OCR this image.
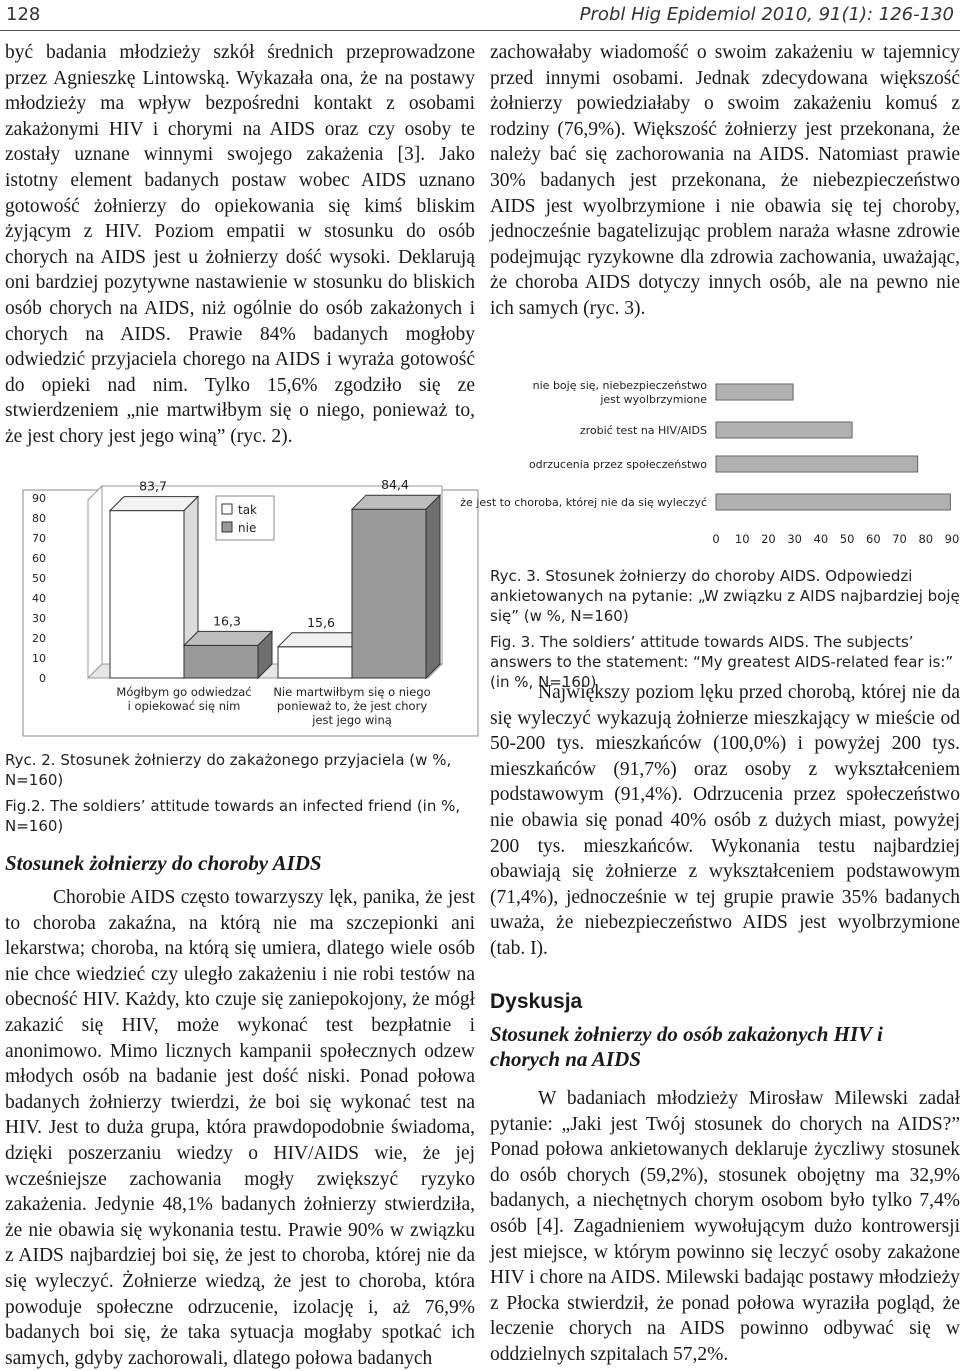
128	Probl Hig Epidemiol 2010, 91(1): 126-130

być badania młodzieży szkół średnich przeprowadzone przez Agnieszkę Lintowską. Wykazała ona, że na postawy młodzieży ma wpływ bezpośredni kontakt z osobami zakażonymi HIV i chorymi na AIDS oraz czy osoby te zostały uznane winnymi swojego zakażenia [3]. Jako istotny element badanych postaw wobec AIDS uznano gotowość żołnierzy do opiekowania się kimś bliskim żyjącym z HIV. Poziom empatii w stosunku do osób chorych na AIDS jest u żołnierzy dość wysoki. Deklarują oni bardziej pozytywne nastawienie w stosunku do bliskich osób chorych na AIDS, niż ogólnie do osób zakażonych i chorych na AIDS. Prawie 84% badanych mogłoby odwiedzić przyjaciela chorego na AIDS i wyraża gotowość do opieki nad nim. Tylko 15,6% zgodziło się ze stwierdzeniem „nie martwiłbym się o niego, ponieważ to, że jest chory jest jego winą” (ryc. 2).

0
10
20
30
40
50
60
70
80
90
83,7
16,3	15,6
84,4
tak
nie
Mógłbym go odwiedzać
i opiekować się nim
Nie martwiłbym się o niego
ponieważ to, że jest chory
jest jego winą

Ryc. 2. Stosunek żołnierzy do zakażonego przyjaciela (w %, N=160)

Fig.2. The soldiers’ attitude towards an infected friend (in %, N=160)

Stosunek żołnierzy do choroby AIDS

Chorobie AIDS często towarzyszy lęk, panika, że jest to choroba zakaźna, na którą nie ma szczepionki ani lekarstwa; choroba, na którą się umiera, dlatego wiele osób nie chce wiedzieć czy uległo zakażeniu i nie robi testów na obecność HIV. Każdy, kto czuje się zaniepokojony, że mógł zakazić się HIV, może wykonać test bezpłatnie i anonimowo. Mimo licznych kampanii społecznych odzew młodych osób na badanie jest dość niski. Ponad połowa badanych żołnierzy twierdzi, że boi się wykonać test na HIV. Jest to duża grupa, która prawdopodobnie świadoma, dzięki poszerzaniu wiedzy o HIV/AIDS wie, że jej wcześniejsze zachowania mogły zwiększyć ryzyko zakażenia. Jedynie 48,1% badanych żołnierzy stwierdziła, że nie obawia się wykonania testu. Prawie 90% w związku z AIDS najbardziej boi się, że jest to choroba, której nie da się wyleczyć. Żołnierze wiedzą, że jest to choroba, która powoduje społeczne odrzucenie, izolację i, aż 76,9% badanych boi się, że taka sytuacja mogłaby spotkać ich samych, gdyby zachorowali, dlatego połowa badanych

zachowałaby wiadomość o swoim zakażeniu w tajemnicy przed innymi osobami. Jednak zdecydowana większość żołnierzy powiedziałaby o swoim zakażeniu komuś z rodziny (76,9%). Większość żołnierzy jest przekonana, że należy bać się zachorowania na AIDS. Natomiast prawie 30% badanych jest przekonana, że niebezpieczeństwo AIDS jest wyolbrzymione i nie obawia się tej choroby, jednocześnie bagatelizując problem naraża własne zdrowie podejmując ryzykowne dla zdrowia zachowania, uważając, że choroba AIDS dotyczy innych osób, ale na pewno nie ich samych (ryc. 3).

nie boję się, niebezpieczeństwo
jest wyolbrzymione
zrobić test na HIV/AIDS
odrzucenia przez społeczeństwo
że jest to choroba, której nie da się wyleczyć
0 10 20 30 40 50 60 70 80 90

Ryc. 3. Stosunek żołnierzy do choroby AIDS. Odpowiedzi ankietowanych na pytanie: „W związku z AIDS najbardziej boję się” (w %, N=160)

Fig. 3. The soldiers’ attitude towards AIDS. The subjects’ answers to the statement: “My greatest AIDS-related fear is:” (in %, N=160)

Największy poziom lęku przed chorobą, której nie da się wyleczyć wykazują żołnierze mieszkający w mieście od 50-200 tys. mieszkańców (100,0%) i powyżej 200 tys. mieszkańców (91,7%) oraz osoby z wykształceniem podstawowym (91,4%). Odrzucenia przez społeczeństwo nie obawia się ponad 40% osób z dużych miast, powyżej 200 tys. mieszkańców. Wykonania testu najbardziej obawiają się żołnierze z wykształceniem podstawowym (71,4%), jednocześnie w tej grupie prawie 35% badanych uważa, że niebezpieczeństwo AIDS jest wyolbrzymione (tab. I).

Dyskusja

Stosunek żołnierzy do osób zakażonych HIV i chorych na AIDS

W badaniach młodzieży Mirosław Milewski zadał pytanie: „Jaki jest Twój stosunek do chorych na AIDS?” Ponad połowa ankietowanych deklaruje życzliwy stosunek do osób chorych (59,2%), stosunek obojętny ma 32,9% badanych, a niechętnych chorym osobom było tylko 7,4% osób [4]. Zagadnieniem wywołującym dużo kontrowersji jest miejsce, w którym powinno się leczyć osoby zakażone HIV i chore na AIDS. Milewski badając postawy młodzieży z Płocka stwierdził, że ponad połowa wyraziła pogląd, że leczenie chorych na AIDS powinno odbywać się w oddzielnych szpitalach 57,2%.
